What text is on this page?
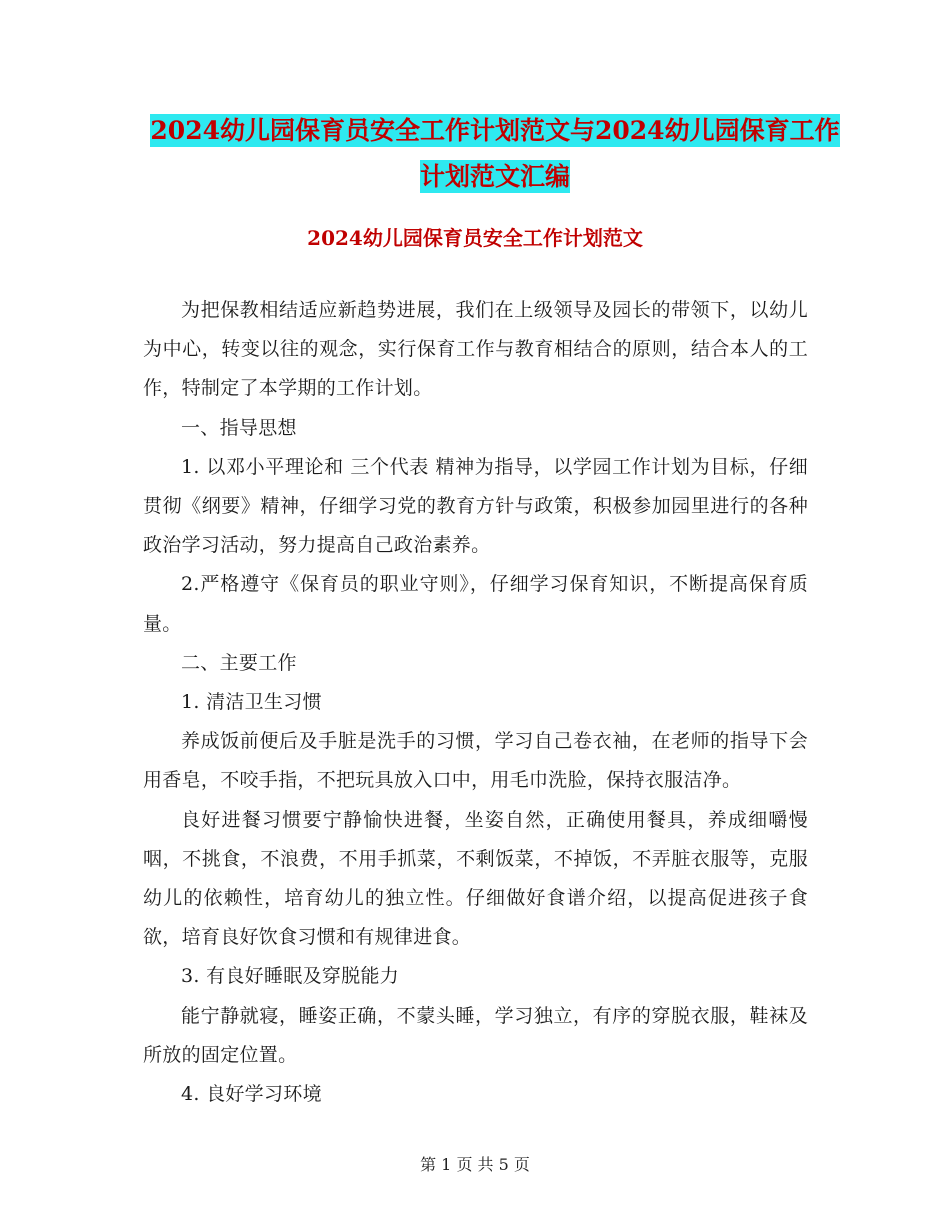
2024幼儿园保育员安全工作计划范文与2024幼儿园保育工作计划范文汇编
2024幼儿园保育员安全工作计划范文

为把保教相结适应新趋势进展，我们在上级领导及园长的带领下，以幼儿为中心，转变以往的观念，实行保育工作与教育相结合的原则，结合本人的工作，特制定了本学期的工作计划。

一、指导思想

1. 以邓小平理论和 三个代表 精神为指导，以学园工作计划为目标，仔细贯彻《纲要》精神，仔细学习党的教育方针与政策，积极参加园里进行的各种政治学习活动，努力提高自己政治素养。

2.严格遵守《保育员的职业守则》，仔细学习保育知识，不断提高保育质量。

二、主要工作

1. 清洁卫生习惯

养成饭前便后及手脏是洗手的习惯，学习自己卷衣袖，在老师的指导下会用香皂，不咬手指，不把玩具放入口中，用毛巾洗脸，保持衣服洁净。

良好进餐习惯要宁静愉快进餐，坐姿自然，正确使用餐具，养成细嚼慢咽，不挑食，不浪费，不用手抓菜，不剩饭菜，不掉饭，不弄脏衣服等，克服幼儿的依赖性，培育幼儿的独立性。仔细做好食谱介绍，以提高促进孩子食欲，培育良好饮食习惯和有规律进食。

3. 有良好睡眠及穿脱能力

能宁静就寝，睡姿正确，不蒙头睡，学习独立，有序的穿脱衣服，鞋袜及所放的固定位置。

4. 良好学习环境

第 1 页 共 5 页
